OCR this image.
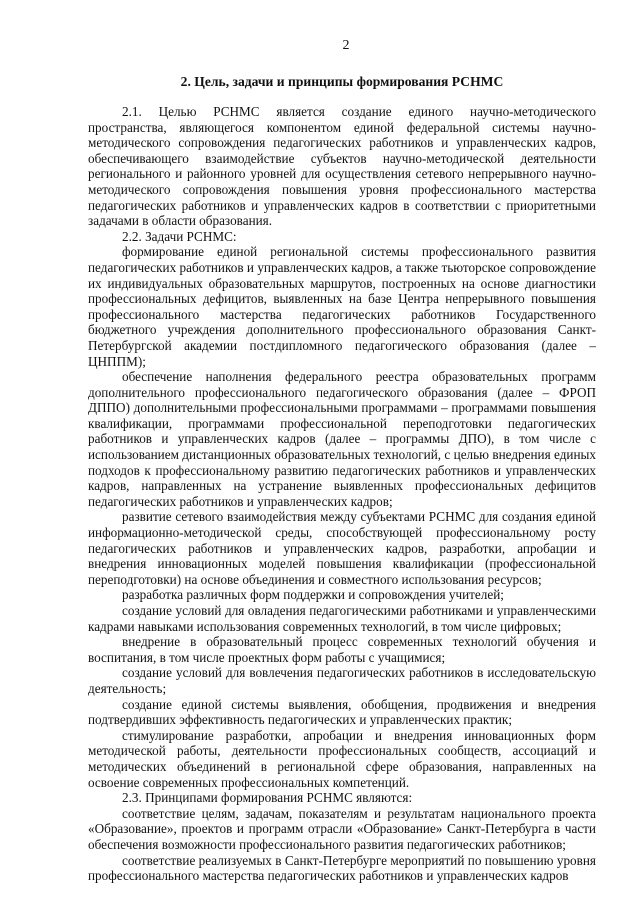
2
2. Цель, задачи и принципы формирования РСНМС

2.1. Целью РСНМС является создание единого научно-методического пространства, являющегося компонентом единой федеральной системы научно-методического сопровождения педагогических работников и управленческих кадров, обеспечивающего взаимодействие субъектов научно-методической деятельности регионального и районного уровней для осуществления сетевого непрерывного научно-методического сопровождения повышения уровня профессионального мастерства педагогических работников и управленческих кадров в соответствии с приоритетными задачами в области образования.

2.2. Задачи РСНМС:

формирование единой региональной системы профессионального развития педагогических работников и управленческих кадров, а также тьюторское сопровождение их индивидуальных образовательных маршрутов, построенных на основе диагностики профессиональных дефицитов, выявленных на базе Центра непрерывного повышения профессионального мастерства педагогических работников Государственного бюджетного учреждения дополнительного профессионального образования Санкт-Петербургской академии постдипломного педагогического образования (далее – ЦНППМ);

обеспечение наполнения федерального реестра образовательных программ дополнительного профессионального педагогического образования (далее – ФРОП ДППО) дополнительными профессиональными программами – программами повышения квалификации, программами профессиональной переподготовки педагогических работников и управленческих кадров (далее – программы ДПО), в том числе с использованием дистанционных образовательных технологий, с целью внедрения единых подходов к профессиональному развитию педагогических работников и управленческих кадров, направленных на устранение выявленных профессиональных дефицитов педагогических работников и управленческих кадров;

развитие сетевого взаимодействия между субъектами РСНМС для создания единой информационно-методической среды, способствующей профессиональному росту педагогических работников и управленческих кадров, разработки, апробации и внедрения инновационных моделей повышения квалификации (профессиональной переподготовки) на основе объединения и совместного использования ресурсов;

разработка различных форм поддержки и сопровождения учителей;

создание условий для овладения педагогическими работниками и управленческими кадрами навыками использования современных технологий, в том числе цифровых;

внедрение в образовательный процесс современных технологий обучения и воспитания, в том числе проектных форм работы с учащимися;

создание условий для вовлечения педагогических работников в исследовательскую деятельность;

создание единой системы выявления, обобщения, продвижения и внедрения подтвердивших эффективность педагогических и управленческих практик;

стимулирование разработки, апробации и внедрения инновационных форм методической работы, деятельности профессиональных сообществ, ассоциаций и методических объединений в региональной сфере образования, направленных на освоение современных профессиональных компетенций.

2.3. Принципами формирования РСНМС являются:

соответствие целям, задачам, показателям и результатам национального проекта «Образование», проектов и программ отрасли «Образование» Санкт-Петербурга в части обеспечения возможности профессионального развития педагогических работников;

соответствие реализуемых в Санкт-Петербурге мероприятий по повышению уровня профессионального мастерства педагогических работников и управленческих кадров
